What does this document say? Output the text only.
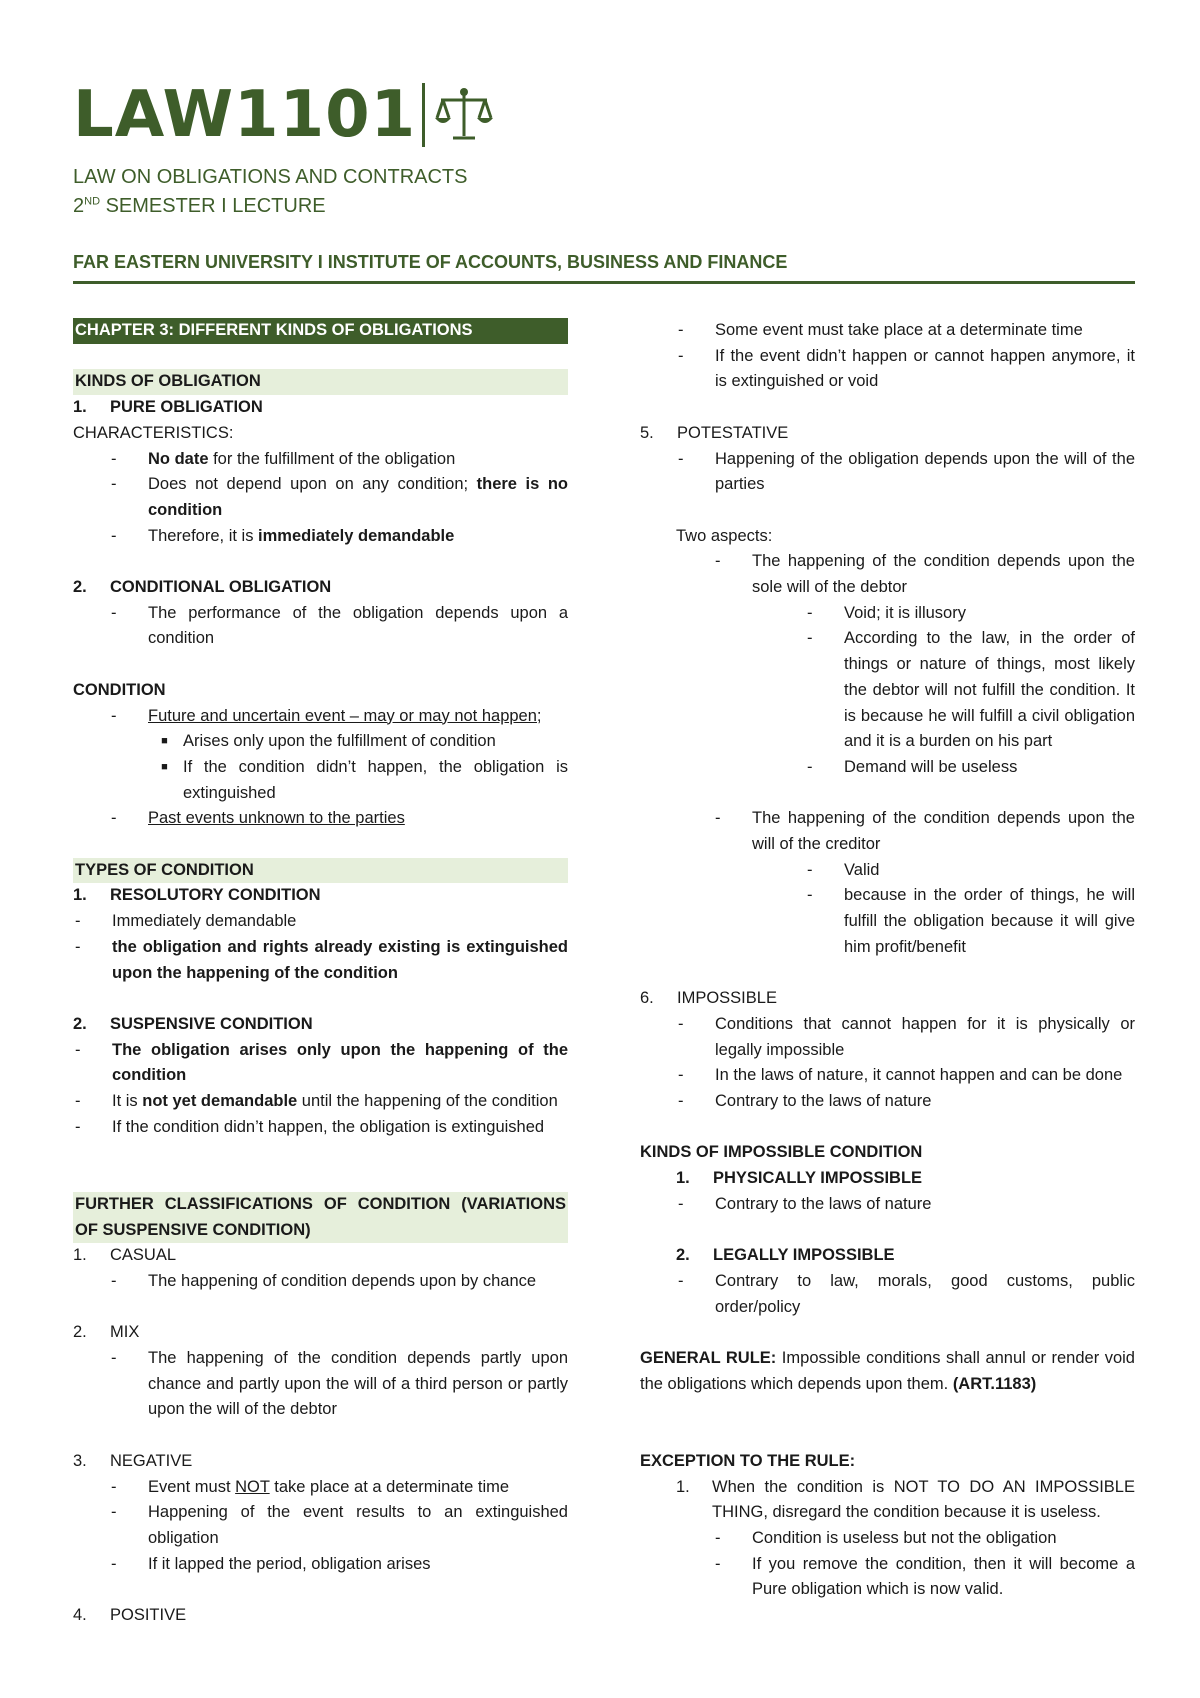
LAW1101
LAW ON OBLIGATIONS AND CONTRACTS
2ND SEMESTER I LECTURE
FAR EASTERN UNIVERSITY I INSTITUTE OF ACCOUNTS, BUSINESS AND FINANCE
CHAPTER 3: DIFFERENT KINDS OF OBLIGATIONS
KINDS OF OBLIGATION
1.	PURE OBLIGATION
CHARACTERISTICS:
-	No date for the fulfillment of the obligation
-	Does not depend upon on any condition; there is no condition
-	Therefore, it is immediately demandable
2.	CONDITIONAL OBLIGATION
-	The performance of the obligation depends upon a condition
CONDITION
-	Future and uncertain event – may or may not happen;
■ Arises only upon the fulfillment of condition
■ If the condition didn’t happen, the obligation is extinguished
-	Past events unknown to the parties
TYPES OF CONDITION
1.	RESOLUTORY CONDITION
-	Immediately demandable
-	the obligation and rights already existing is extinguished upon the happening of the condition
2.	SUSPENSIVE CONDITION
-	The obligation arises only upon the happening of the condition
-	It is not yet demandable until the happening of the condition
-	If the condition didn’t happen, the obligation is extinguished
FURTHER CLASSIFICATIONS OF CONDITION (VARIATIONS OF SUSPENSIVE CONDITION)
1.	CASUAL
-	The happening of condition depends upon by chance
2.	MIX
-	The happening of the condition depends partly upon chance and partly upon the will of a third person or partly upon the will of the debtor
3.	NEGATIVE
-	Event must NOT take place at a determinate time
-	Happening of the event results to an extinguished obligation
-	If it lapped the period, obligation arises
4.	POSITIVE
-	Some event must take place at a determinate time
-	If the event didn’t happen or cannot happen anymore, it is extinguished or void
5.	POTESTATIVE
-	Happening of the obligation depends upon the will of the parties
Two aspects:
-	The happening of the condition depends upon the sole will of the debtor
-	Void; it is illusory
-	According to the law, in the order of things or nature of things, most likely the debtor will not fulfill the condition. It is because he will fulfill a civil obligation and it is a burden on his part
-	Demand will be useless
-	The happening of the condition depends upon the will of the creditor
-	Valid
-	because in the order of things, he will fulfill the obligation because it will give him profit/benefit
6.	IMPOSSIBLE
-	Conditions that cannot happen for it is physically or legally impossible
-	In the laws of nature, it cannot happen and can be done
-	Contrary to the laws of nature
KINDS OF IMPOSSIBLE CONDITION
1.	PHYSICALLY IMPOSSIBLE
-	Contrary to the laws of nature
2.	LEGALLY IMPOSSIBLE
-	Contrary to law, morals, good customs, public order/policy
GENERAL RULE: Impossible conditions shall annul or render void the obligations which depends upon them. (ART.1183)
EXCEPTION TO THE RULE:
1.	When the condition is NOT TO DO AN IMPOSSIBLE THING, disregard the condition because it is useless.
-	Condition is useless but not the obligation
-	If you remove the condition, then it will become a Pure obligation which is now valid.
